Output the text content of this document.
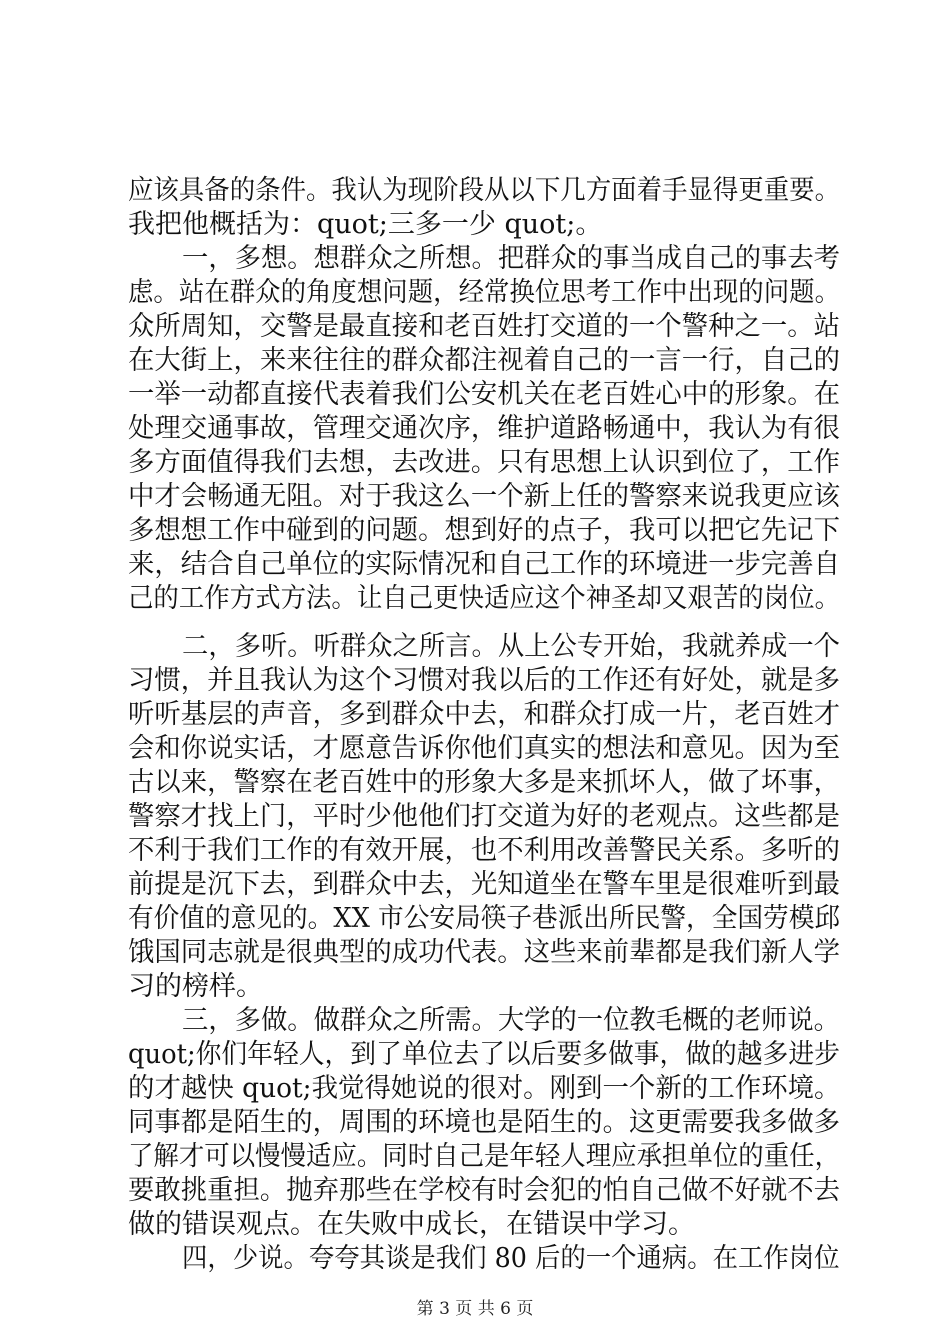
应该具备的条件。我认为现阶段从以下几方面着手显得更重要。
我把他概括为：quot;三多一少 quot;。
一，多想。想群众之所想。把群众的事当成自己的事去考
虑。站在群众的角度想问题，经常换位思考工作中出现的问题。
众所周知，交警是最直接和老百姓打交道的一个警种之一。站
在大街上，来来往往的群众都注视着自己的一言一行，自己的
一举一动都直接代表着我们公安机关在老百姓心中的形象。在
处理交通事故，管理交通次序，维护道路畅通中，我认为有很
多方面值得我们去想，去改进。只有思想上认识到位了，工作
中才会畅通无阻。对于我这么一个新上任的警察来说我更应该
多想想工作中碰到的问题。想到好的点子，我可以把它先记下
来，结合自己单位的实际情况和自己工作的环境进一步完善自
己的工作方式方法。让自己更快适应这个神圣却又艰苦的岗位。
二，多听。听群众之所言。从上公专开始，我就养成一个
习惯，并且我认为这个习惯对我以后的工作还有好处，就是多
听听基层的声音，多到群众中去，和群众打成一片，老百姓才
会和你说实话，才愿意告诉你他们真实的想法和意见。因为至
古以来，警察在老百姓中的形象大多是来抓坏人，做了坏事，
警察才找上门，平时少他他们打交道为好的老观点。这些都是
不利于我们工作的有效开展，也不利用改善警民关系。多听的
前提是沉下去，到群众中去，光知道坐在警车里是很难听到最
有价值的意见的。XX 市公安局筷子巷派出所民警，全国劳模邱
饿国同志就是很典型的成功代表。这些来前辈都是我们新人学
习的榜样。
三，多做。做群众之所需。大学的一位教毛概的老师说。
quot;你们年轻人，到了单位去了以后要多做事，做的越多进步
的才越快 quot;我觉得她说的很对。刚到一个新的工作环境。
同事都是陌生的，周围的环境也是陌生的。这更需要我多做多
了解才可以慢慢适应。同时自己是年轻人理应承担单位的重任，
要敢挑重担。抛弃那些在学校有时会犯的怕自己做不好就不去
做的错误观点。在失败中成长，在错误中学习。
四，少说。夸夸其谈是我们 80 后的一个通病。在工作岗位
第 3 页 共 6 页
